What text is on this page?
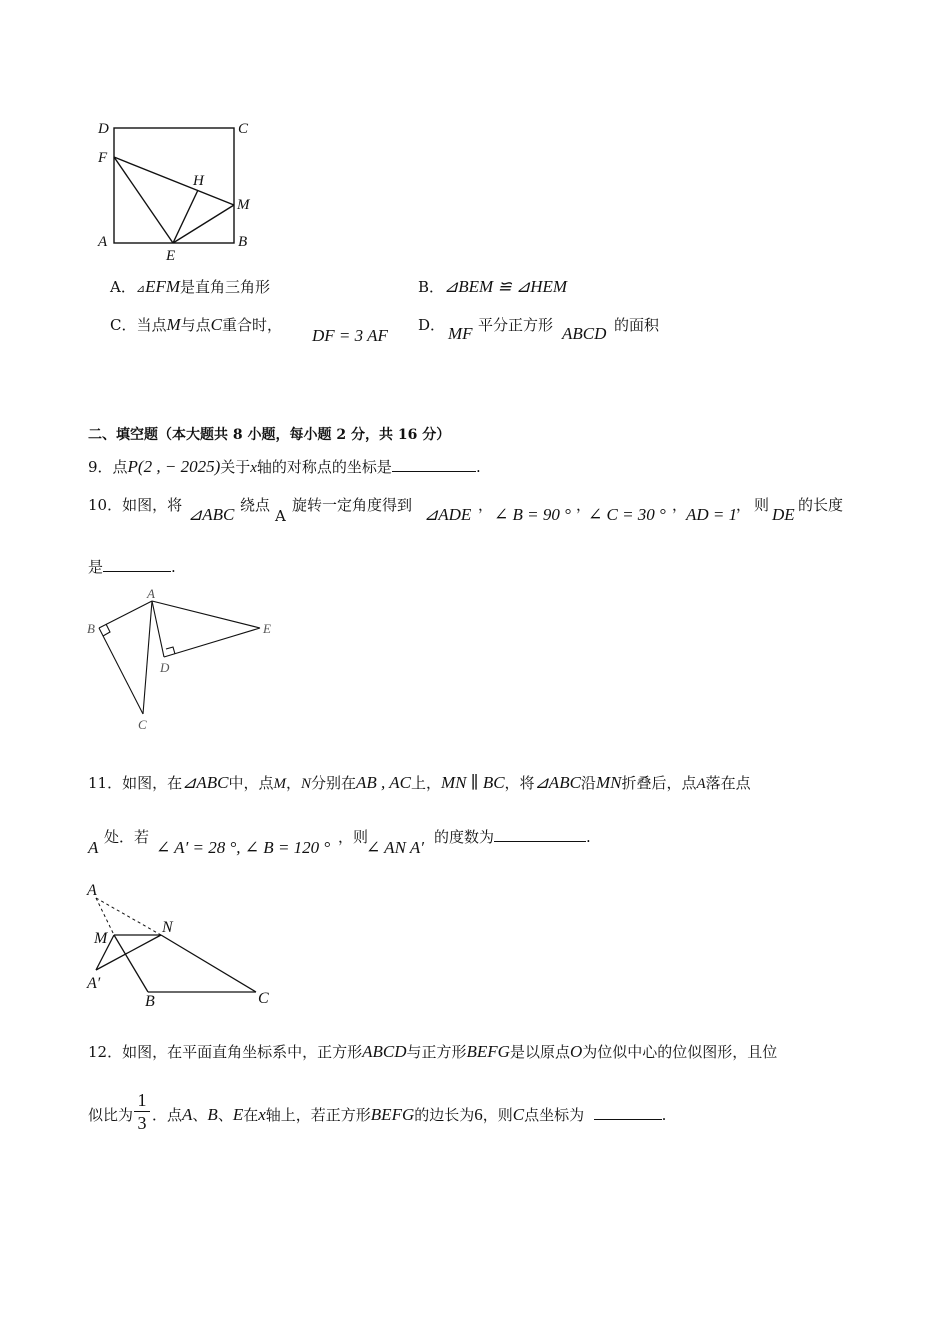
D	C
F
H
M
A
E
B
A．⊿EFM是直角三角形	B．⊿BEM ≌ ⊿HEM
C．当点M与点C重合时，
DF = 3 AF
D． MF 平分正方形 ABCD 的面积
二、填空题（本大题共 8 小题，每小题 2 分，共 16 分）
9．点P(2 , − 2025)关于x轴的对称点的坐标是	.
10．如图，将 ⊿ABC 绕点
A
旋转一定角度得到 ⊿ADE ， ∠ B = 90 ° ，
∠ C = 30 ° ，
AD = 1
， 则 DE 的长度
是	.
A
B	E
D
C
11．如图，在⊿ABC中，点M，N分别在AB , AC上，MN ∥ BC，将⊿ABC沿MN折叠后，点A落在点
A
处．若
∠ A′ = 28 °, ∠ B = 120 °
，则
∠ AN A′
的度数为	.
A
M
N
A′
B	C
12．如图，在平面直角坐标系中，正方形ABCD与正方形BEFG是以原点O为位似中心的位似图形，且位
似比为
1
3 ．点A、B、E在x轴上，若正方形BEFG的边长为6，则C点坐标为	.
